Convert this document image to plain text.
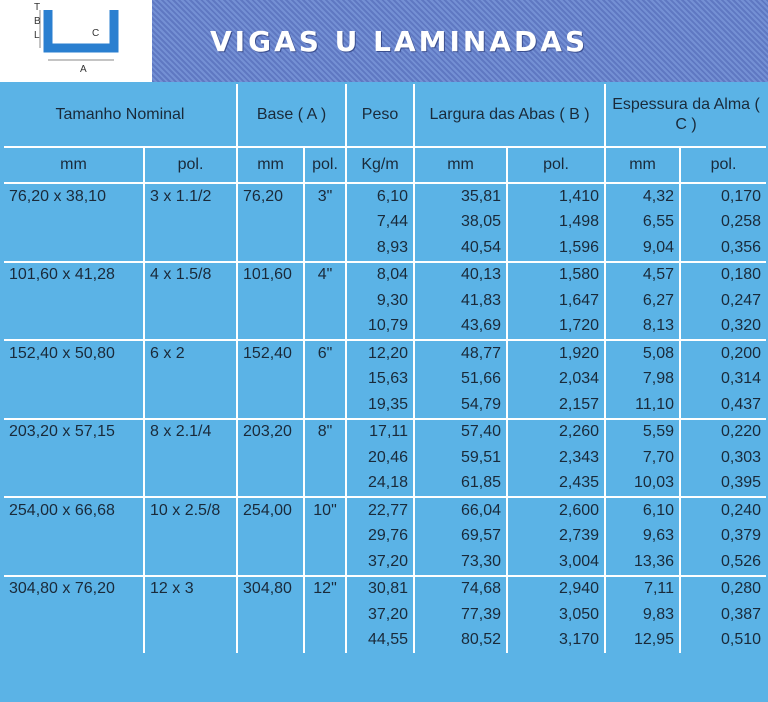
T
B
L	C
A
VIGAS U LAMINADAS
Tamanho Nominal		Base ( A )		Peso	Largura das Abas ( B )		Espessura da Alma ( C )	
mm	pol.	mm	pol.	Kg/m	mm	pol.	mm	pol.
76,20 x 38,10	3 x 1.1/2	76,20	3"	6,10	35,81	1,410	4,32	0,170
				7,44	38,05	1,498	6,55	0,258
				8,93	40,54	1,596	9,04	0,356
101,60 x 41,28	4 x 1.5/8	101,60	4"	8,04	40,13	1,580	4,57	0,180
				9,30	41,83	1,647	6,27	0,247
				10,79	43,69	1,720	8,13	0,320
152,40 x 50,80	6 x 2	152,40	6"	12,20	48,77	1,920	5,08	0,200
				15,63	51,66	2,034	7,98	0,314
				19,35	54,79	2,157	11,10	0,437
203,20 x 57,15	8 x 2.1/4	203,20	8"	17,11	57,40	2,260	5,59	0,220
				20,46	59,51	2,343	7,70	0,303
				24,18	61,85	2,435	10,03	0,395
254,00 x 66,68	10 x 2.5/8	254,00	10"	22,77	66,04	2,600	6,10	0,240
				29,76	69,57	2,739	9,63	0,379
				37,20	73,30	3,004	13,36	0,526
304,80 x 76,20	12 x 3	304,80	12"	30,81	74,68	2,940	7,11	0,280
				37,20	77,39	3,050	9,83	0,387
				44,55	80,52	3,170	12,95	0,510
